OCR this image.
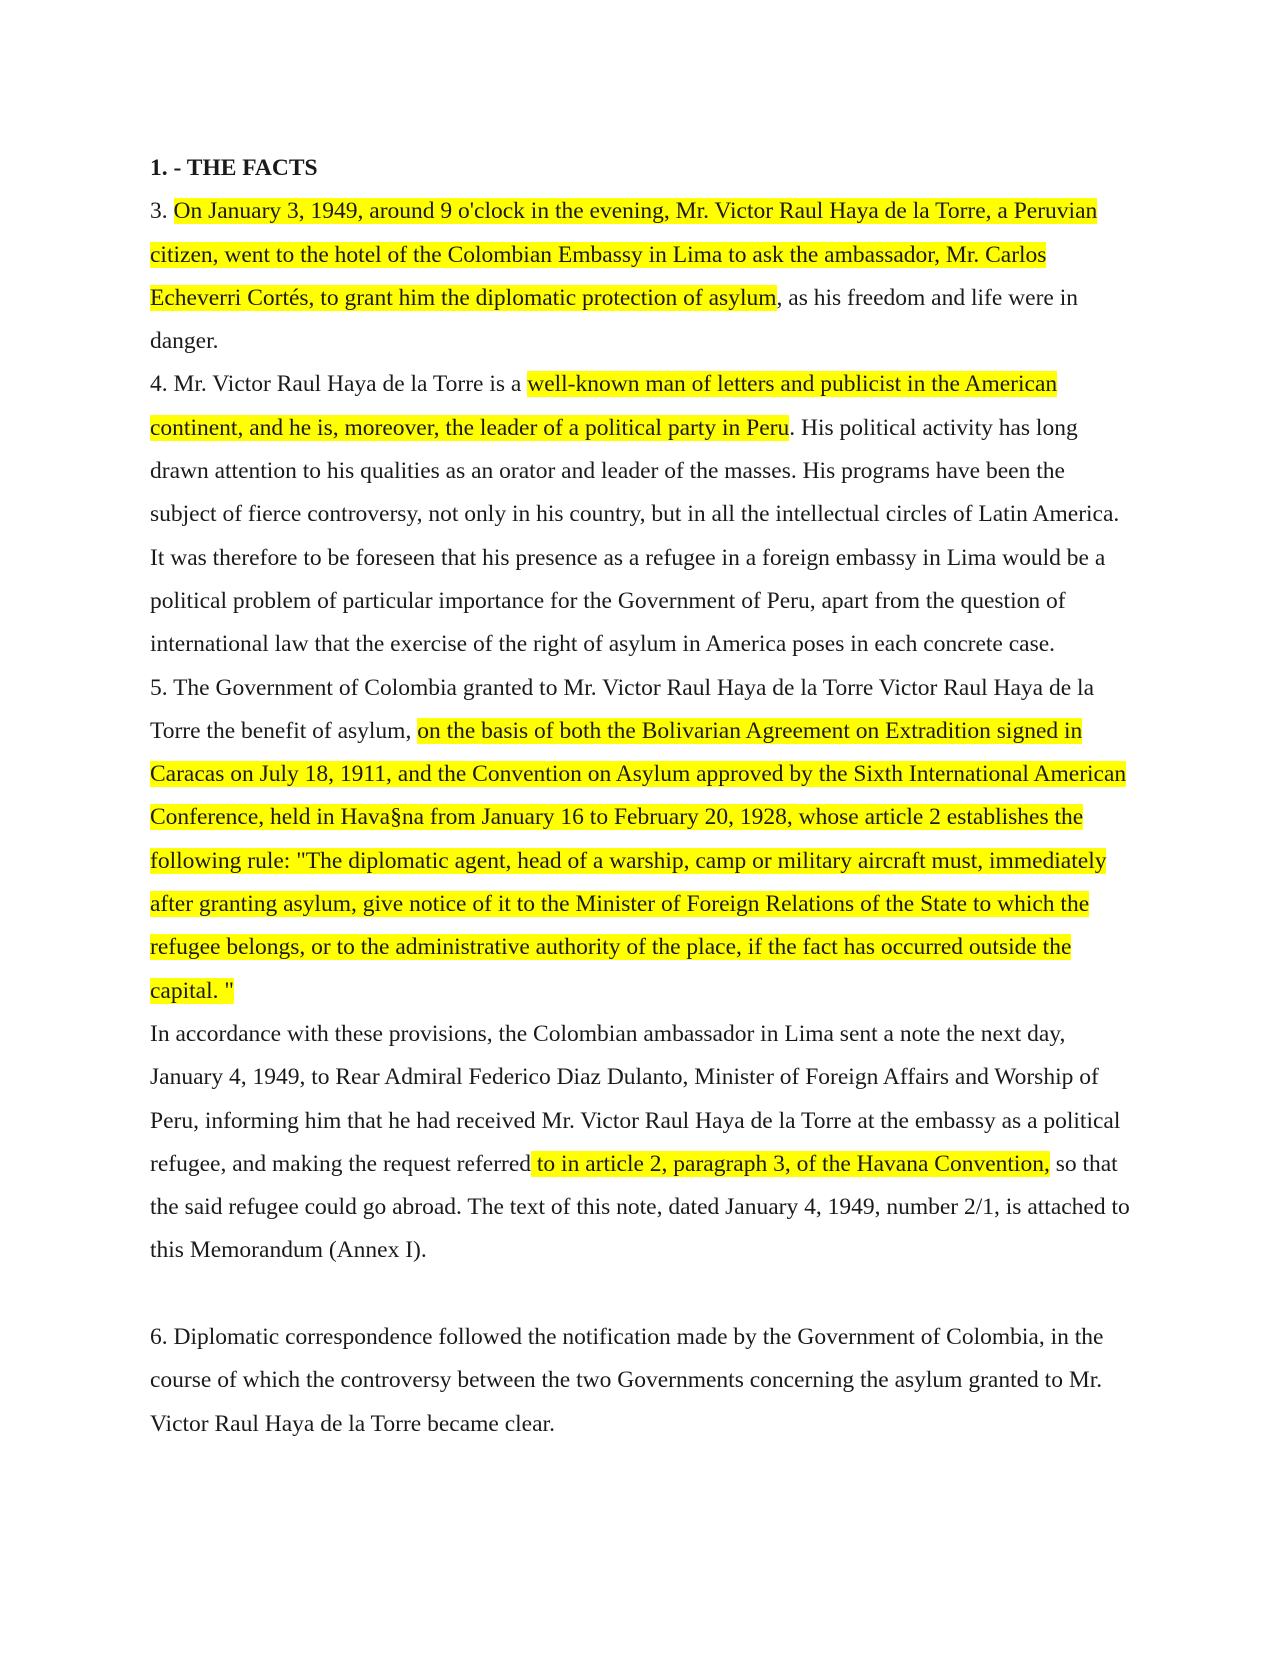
1. - THE FACTS

3. On January 3, 1949, around 9 o'clock in the evening, Mr. Victor Raul Haya de la Torre, a Peruvian citizen, went to the hotel of the Colombian Embassy in Lima to ask the ambassador, Mr. Carlos Echeverri Cortés, to grant him the diplomatic protection of asylum, as his freedom and life were in danger.

4. Mr. Victor Raul Haya de la Torre is a well-known man of letters and publicist in the American continent, and he is, moreover, the leader of a political party in Peru. His political activity has long drawn attention to his qualities as an orator and leader of the masses. His programs have been the subject of fierce controversy, not only in his country, but in all the intellectual circles of Latin America. It was therefore to be foreseen that his presence as a refugee in a foreign embassy in Lima would be a political problem of particular importance for the Government of Peru, apart from the question of international law that the exercise of the right of asylum in America poses in each concrete case.

5. The Government of Colombia granted to Mr. Victor Raul Haya de la Torre Victor Raul Haya de la Torre the benefit of asylum, on the basis of both the Bolivarian Agreement on Extradition signed in Caracas on July 18, 1911, and the Convention on Asylum approved by the Sixth International American Conference, held in Hava§na from January 16 to February 20, 1928, whose article 2 establishes the following rule: "The diplomatic agent, head of a warship, camp or military aircraft must, immediately after granting asylum, give notice of it to the Minister of Foreign Relations of the State to which the refugee belongs, or to the administrative authority of the place, if the fact has occurred outside the capital. "

In accordance with these provisions, the Colombian ambassador in Lima sent a note the next day, January 4, 1949, to Rear Admiral Federico Diaz Dulanto, Minister of Foreign Affairs and Worship of Peru, informing him that he had received Mr. Victor Raul Haya de la Torre at the embassy as a political refugee, and making the request referred to in article 2, paragraph 3, of the Havana Convention, so that the said refugee could go abroad. The text of this note, dated January 4, 1949, number 2/1, is attached to this Memorandum (Annex I).

6. Diplomatic correspondence followed the notification made by the Government of Colombia, in the course of which the controversy between the two Governments concerning the asylum granted to Mr. Victor Raul Haya de la Torre became clear.
